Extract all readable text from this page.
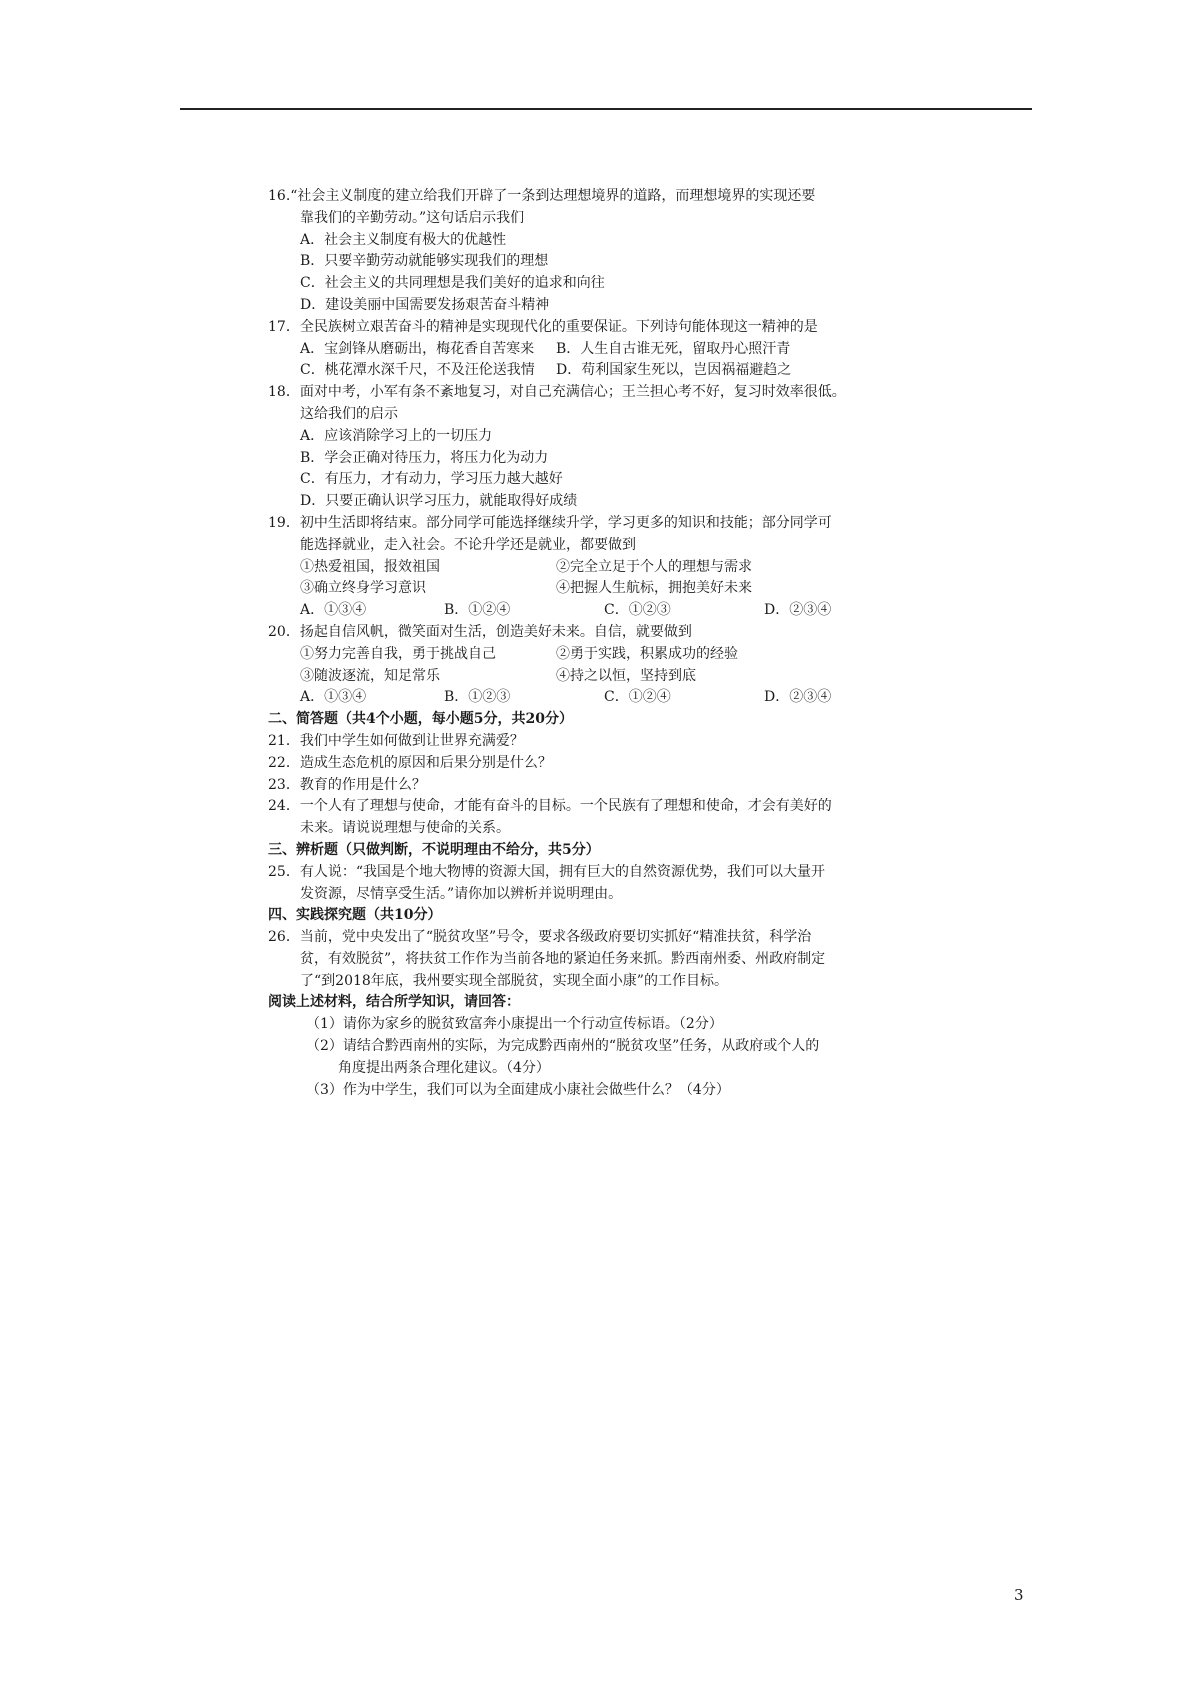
16.“社会主义制度的建立给我们开辟了一条到达理想境界的道路，而理想境界的实现还要
靠我们的辛勤劳动。”这句话启示我们
A．社会主义制度有极大的优越性
B．只要辛勤劳动就能够实现我们的理想
C．社会主义的共同理想是我们美好的追求和向往
D．建设美丽中国需要发扬艰苦奋斗精神
17．全民族树立艰苦奋斗的精神是实现现代化的重要保证。下列诗句能体现这一精神的是
A．宝剑锋从磨砺出，梅花香自苦寒来	B．人生自古谁无死，留取丹心照汗青
C．桃花潭水深千尺，不及汪伦送我情	D．苟利国家生死以，岂因祸福避趋之
18．面对中考，小军有条不紊地复习，对自己充满信心；王兰担心考不好，复习时效率很低。
这给我们的启示
A．应该消除学习上的一切压力
B．学会正确对待压力，将压力化为动力
C．有压力，才有动力，学习压力越大越好
D．只要正确认识学习压力，就能取得好成绩
19．初中生活即将结束。部分同学可能选择继续升学，学习更多的知识和技能；部分同学可
能选择就业，走入社会。不论升学还是就业，都要做到
①热爱祖国，报效祖国	②完全立足于个人的理想与需求
③确立终身学习意识	④把握人生航标，拥抱美好未来
A．①③④	B．①②④	C．①②③	D．②③④
20．扬起自信风帆，微笑面对生活，创造美好未来。自信，就要做到
①努力完善自我，勇于挑战自己	②勇于实践，积累成功的经验
③随波逐流，知足常乐	④持之以恒，坚持到底
A．①③④	B．①②③	C．①②④	D．②③④
二、简答题（共4个小题，每小题5分，共20分）
21．我们中学生如何做到让世界充满爱？
22．造成生态危机的原因和后果分别是什么？
23．教育的作用是什么？
24．一个人有了理想与使命，才能有奋斗的目标。一个民族有了理想和使命，才会有美好的
未来。请说说理想与使命的关系。
三、辨析题（只做判断，不说明理由不给分，共5分）
25．有人说：“我国是个地大物博的资源大国，拥有巨大的自然资源优势，我们可以大量开
发资源，尽情享受生活。”请你加以辨析并说明理由。
四、实践探究题（共10分）
26．当前，党中央发出了“脱贫攻坚”号令，要求各级政府要切实抓好“精准扶贫，科学治
贫，有效脱贫”，将扶贫工作作为当前各地的紧迫任务来抓。黔西南州委、州政府制定
了“到2018年底，我州要实现全部脱贫，实现全面小康”的工作目标。
阅读上述材料，结合所学知识，请回答：
（1）请你为家乡的脱贫致富奔小康提出一个行动宣传标语。（2分）
（2）请结合黔西南州的实际，为完成黔西南州的“脱贫攻坚”任务，从政府或个人的
角度提出两条合理化建议。（4分）
（3）作为中学生，我们可以为全面建成小康社会做些什么？（4分）
3
